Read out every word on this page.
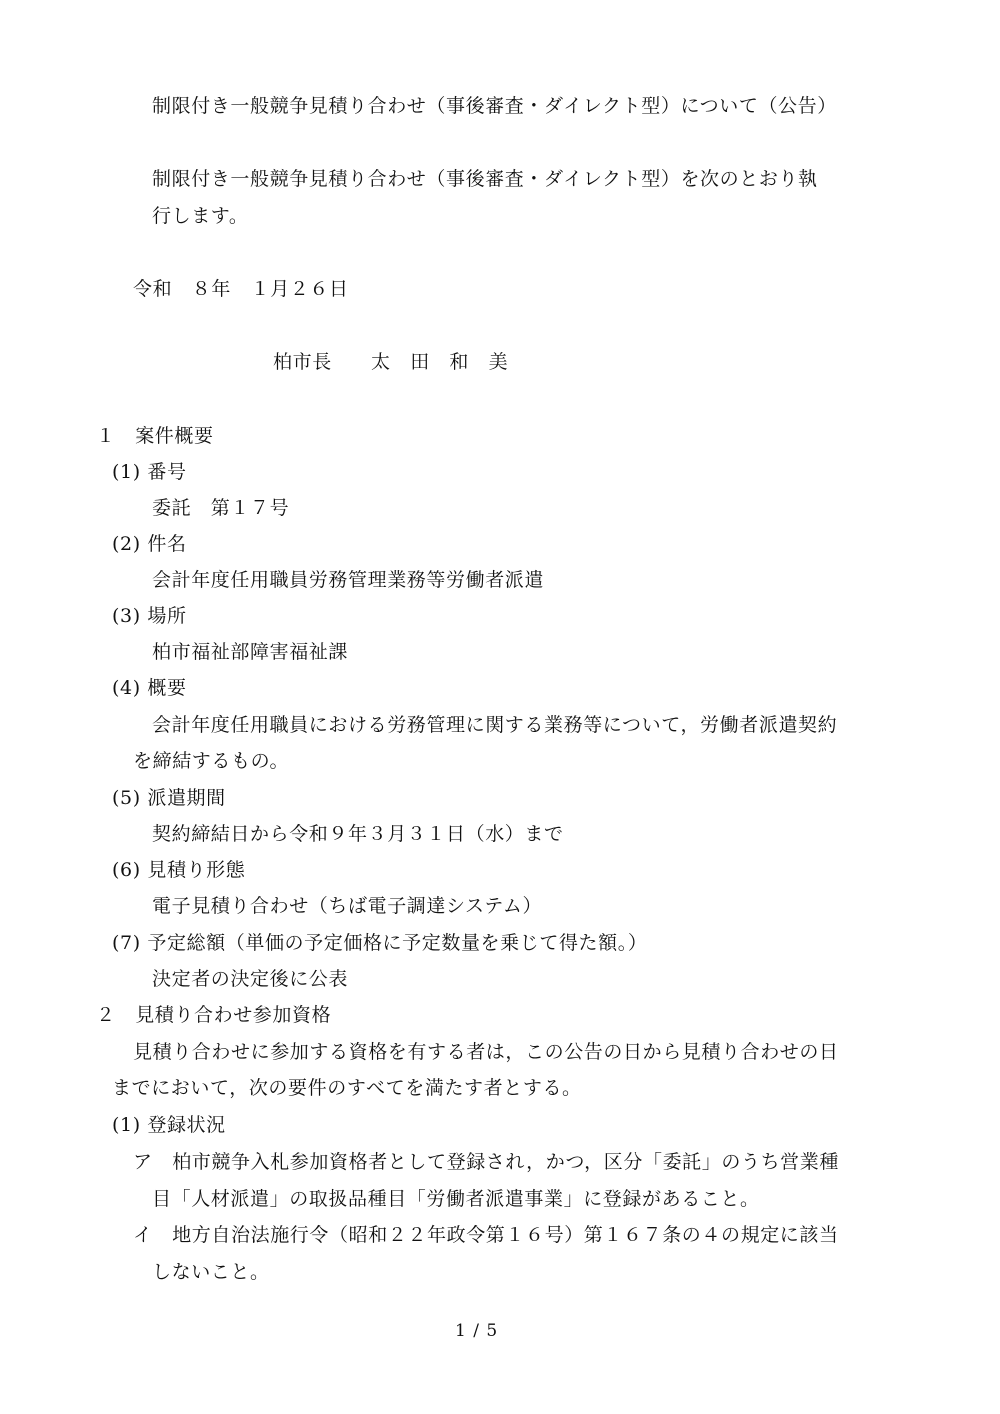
制限付き一般競争見積り合わせ（事後審査・ダイレクト型）について（公告）
制限付き一般競争見積り合わせ（事後審査・ダイレクト型）を次のとおり執
行します。
令和　８年　１月２６日
柏市長　　太　田　和　美
１　案件概要
(1) 番号
委託　第１７号
(2) 件名
会計年度任用職員労務管理業務等労働者派遣
(3) 場所
柏市福祉部障害福祉課
(4) 概要
会計年度任用職員における労務管理に関する業務等について，労働者派遣契約
を締結するもの。
(5) 派遣期間
契約締結日から令和９年３月３１日（水）まで
(6) 見積り形態
電子見積り合わせ（ちば電子調達システム）
(7) 予定総額（単価の予定価格に予定数量を乗じて得た額。）
決定者の決定後に公表
２　見積り合わせ参加資格
見積り合わせに参加する資格を有する者は，この公告の日から見積り合わせの日
までにおいて，次の要件のすべてを満たす者とする。
(1) 登録状況
ア　柏市競争入札参加資格者として登録され，かつ，区分「委託」のうち営業種
目「人材派遣」の取扱品種目「労働者派遣事業」に登録があること。
イ　地方自治法施行令（昭和２２年政令第１６号）第１６７条の４の規定に該当
しないこと。
1 / 5
